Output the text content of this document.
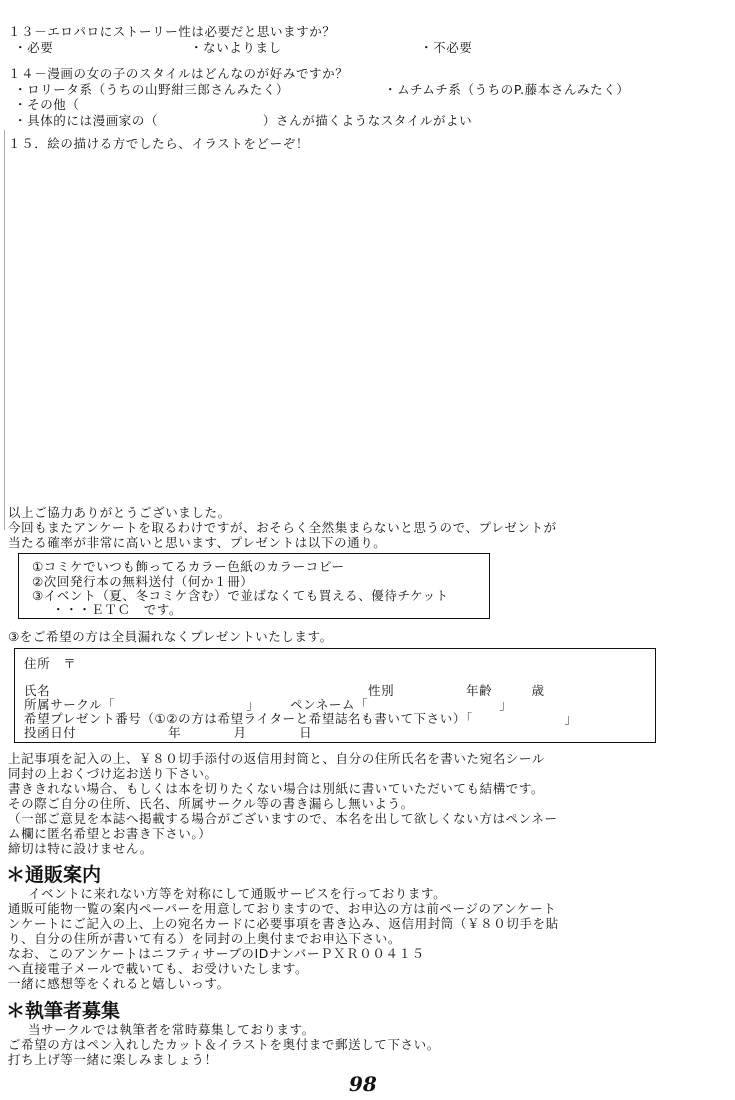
１３－エロパロにストーリー性は必要だと思いますか？
・必要	・ないよりまし	・不必要
１４－漫画の女の子のスタイルはどんなのが好みですか？
・ロリータ系（うちの山野紺三郎さんみたく）	・ムチムチ系（うちのP.藤本さんみたく）
・その他（
・具体的には漫画家の（　　　　　　　　）さんが描くようなスタイルがよい
１５．絵の描ける方でしたら、イラストをどーぞ！
以上ご協力ありがとうございました。
今回もまたアンケートを取るわけですが、おそらく全然集まらないと思うので、プレゼントが
当たる確率が非常に高いと思います、プレゼントは以下の通り。
①コミケでいつも飾ってるカラー色紙のカラーコピー
②次回発行本の無料送付（何か１冊）
③イベント（夏、冬コミケ含む）で並ばなくても買える、優待チケット
・・・ＥＴＣ　です。
③をご希望の方は全員漏れなくプレゼントいたします。
住所　〒
氏名	性別	年齢　　　歳
所属サークル「　　　　　　　　　　」 ペンネーム「　　　　　　　　　　」
希望プレゼント番号（①②の方は希望ライターと希望誌名も書いて下さい）「　　　　　　　」
投函日付　　　　　　　年　　　　月　　　　日
上記事項を記入の上、￥８０切手添付の返信用封筒と、自分の住所氏名を書いた宛名シール
同封の上おくづけ迄お送り下さい。
書ききれない場合、もしくは本を切りたくない場合は別紙に書いていただいても結構です。
その際ご自分の住所、氏名、所属サークル等の書き漏らし無いよう。
（一部ご意見を本誌へ掲載する場合がございますので、本名を出して欲しくない方はペンネー
ム欄に匿名希望とお書き下さい。）
締切は特に設けません。
＊通販案内
イベントに来れない方等を対称にして通販サービスを行っております。
通販可能物一覧の案内ペーパーを用意しておりますので、お申込の方は前ページのアンケート
ンケートにご記入の上、上の宛名カードに必要事項を書き込み、返信用封筒（￥８０切手を貼
り、自分の住所が書いて有る）を同封の上奥付までお申込下さい。
なお、このアンケートはニフティサーブのIDナンバーＰＸＲ００４１５
へ直接電子メールで載いても、お受けいたします。
一緒に感想等をくれると嬉しいっす。
＊執筆者募集
当サークルでは執筆者を常時募集しております。
ご希望の方はペン入れしたカット＆イラストを奥付まで郵送して下さい。
打ち上げ等一緒に楽しみましょう！
98
